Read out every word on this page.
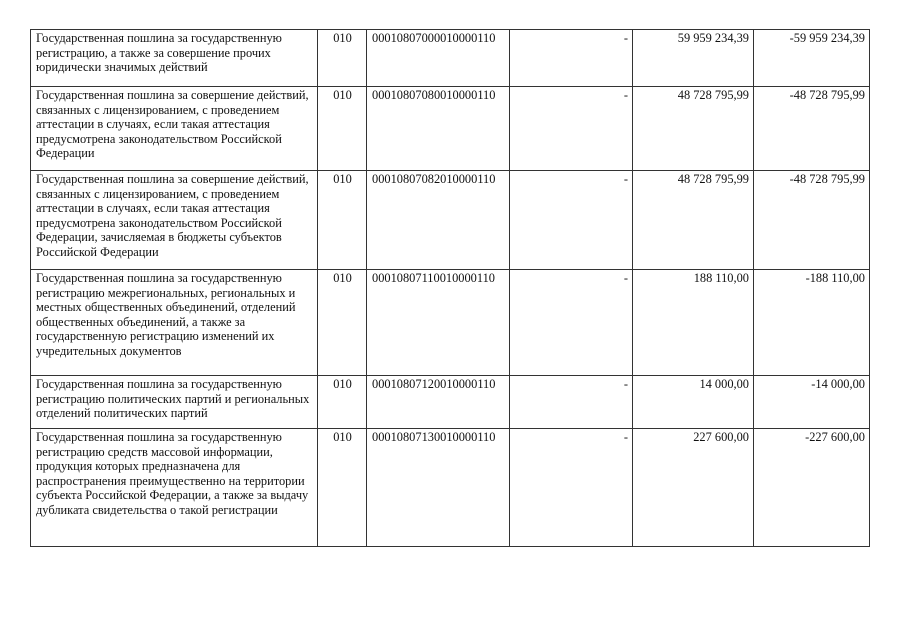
Государственная пошлина за государственную регистрацию, а также за совершение прочих юридически значимых действий	010	00010807000010000110	-	59 959 234,39	-59 959 234,39
Государственная пошлина за совершение действий, связанных с лицензированием, с проведением аттестации в случаях, если такая аттестация предусмотрена законодательством Российской Федерации	010	00010807080010000110	-	48 728 795,99	-48 728 795,99
Государственная пошлина за совершение действий, связанных с лицензированием, с проведением аттестации в случаях, если такая аттестация предусмотрена законодательством Российской Федерации, зачисляемая в бюджеты субъектов Российской Федерации	010	00010807082010000110	-	48 728 795,99	-48 728 795,99
Государственная пошлина за государственную регистрацию межрегиональных, региональных и местных общественных объединений, отделений общественных объединений, а также за государственную регистрацию изменений их учредительных документов	010	00010807110010000110	-	188 110,00	-188 110,00
Государственная пошлина за государственную регистрацию политических партий и региональных отделений политических партий	010	00010807120010000110	-	14 000,00	-14 000,00
Государственная пошлина за государственную регистрацию средств массовой информации, продукция которых предназначена для распространения преимущественно на территории субъекта Российской Федерации, а также за выдачу дубликата свидетельства о такой регистрации	010	00010807130010000110	-	227 600,00	-227 600,00
